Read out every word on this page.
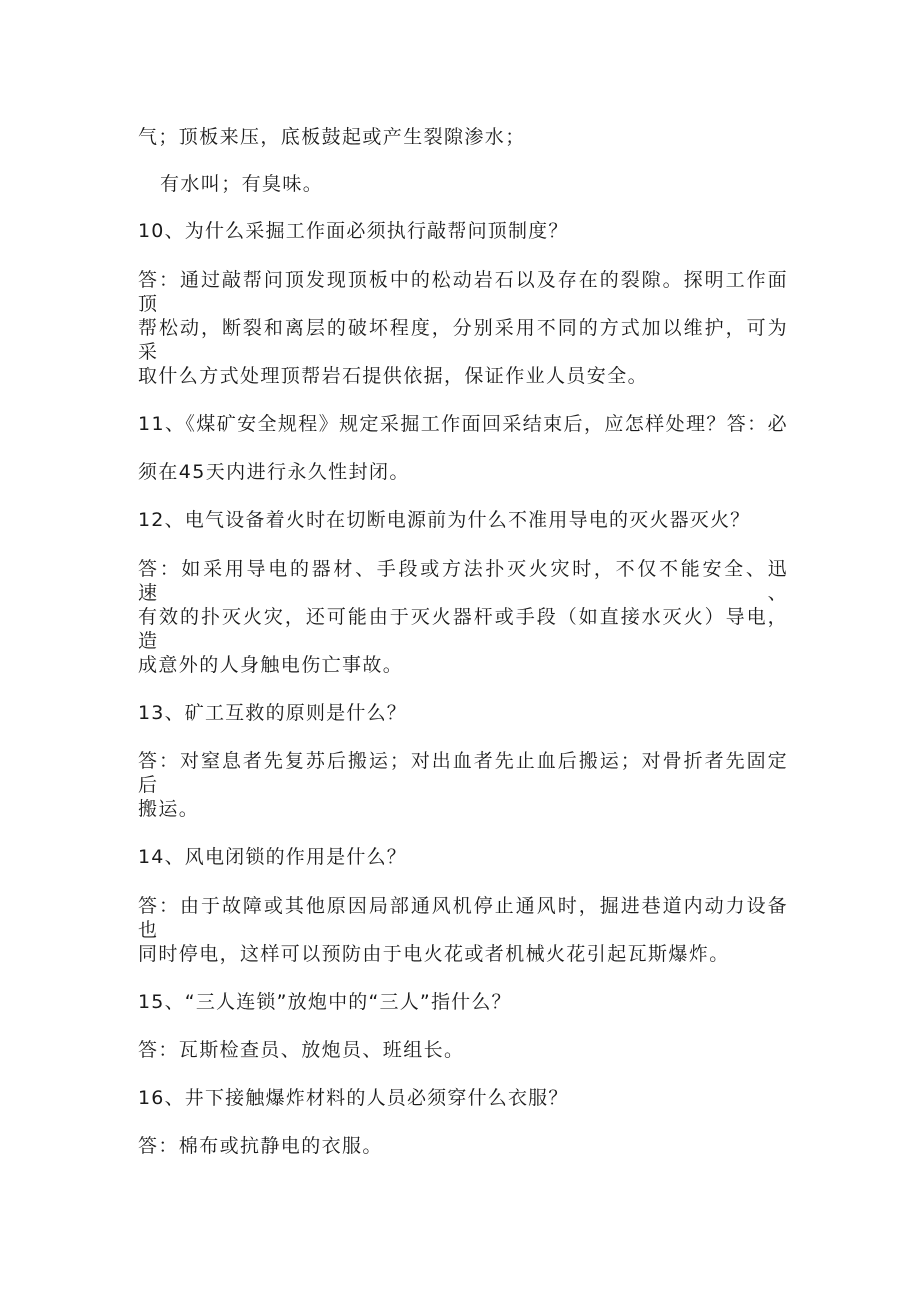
气；顶板来压，底板鼓起或产生裂隙渗水；
有水叫；有臭味。
10、为什么采掘工作面必须执行敲帮问顶制度？
答：通过敲帮问顶发现顶板中的松动岩石以及存在的裂隙。探明工作面顶
帮松动，断裂和离层的破坏程度，分别采用不同的方式加以维护，可为采
取什么方式处理顶帮岩石提供依据，保证作业人员安全。
11、《煤矿安全规程》规定采掘工作面回采结束后，应怎样处理？答：必
须在45天内进行永久性封闭。
12、电气设备着火时在切断电源前为什么不准用导电的灭火器灭火？
答：如采用导电的器材、手段或方法扑灭火灾时，不仅不能安全、迅速、
有效的扑灭火灾，还可能由于灭火器杆或手段（如直接水灭火）导电，造
成意外的人身触电伤亡事故。
13、矿工互救的原则是什么？
答：对窒息者先复苏后搬运；对出血者先止血后搬运；对骨折者先固定后
搬运。
14、风电闭锁的作用是什么？
答：由于故障或其他原因局部通风机停止通风时，掘进巷道内动力设备也
同时停电，这样可以预防由于电火花或者机械火花引起瓦斯爆炸。
15、“三人连锁”放炮中的“三人”指什么？
答：瓦斯检查员、放炮员、班组长。
16、井下接触爆炸材料的人员必须穿什么衣服？
答：棉布或抗静电的衣服。
